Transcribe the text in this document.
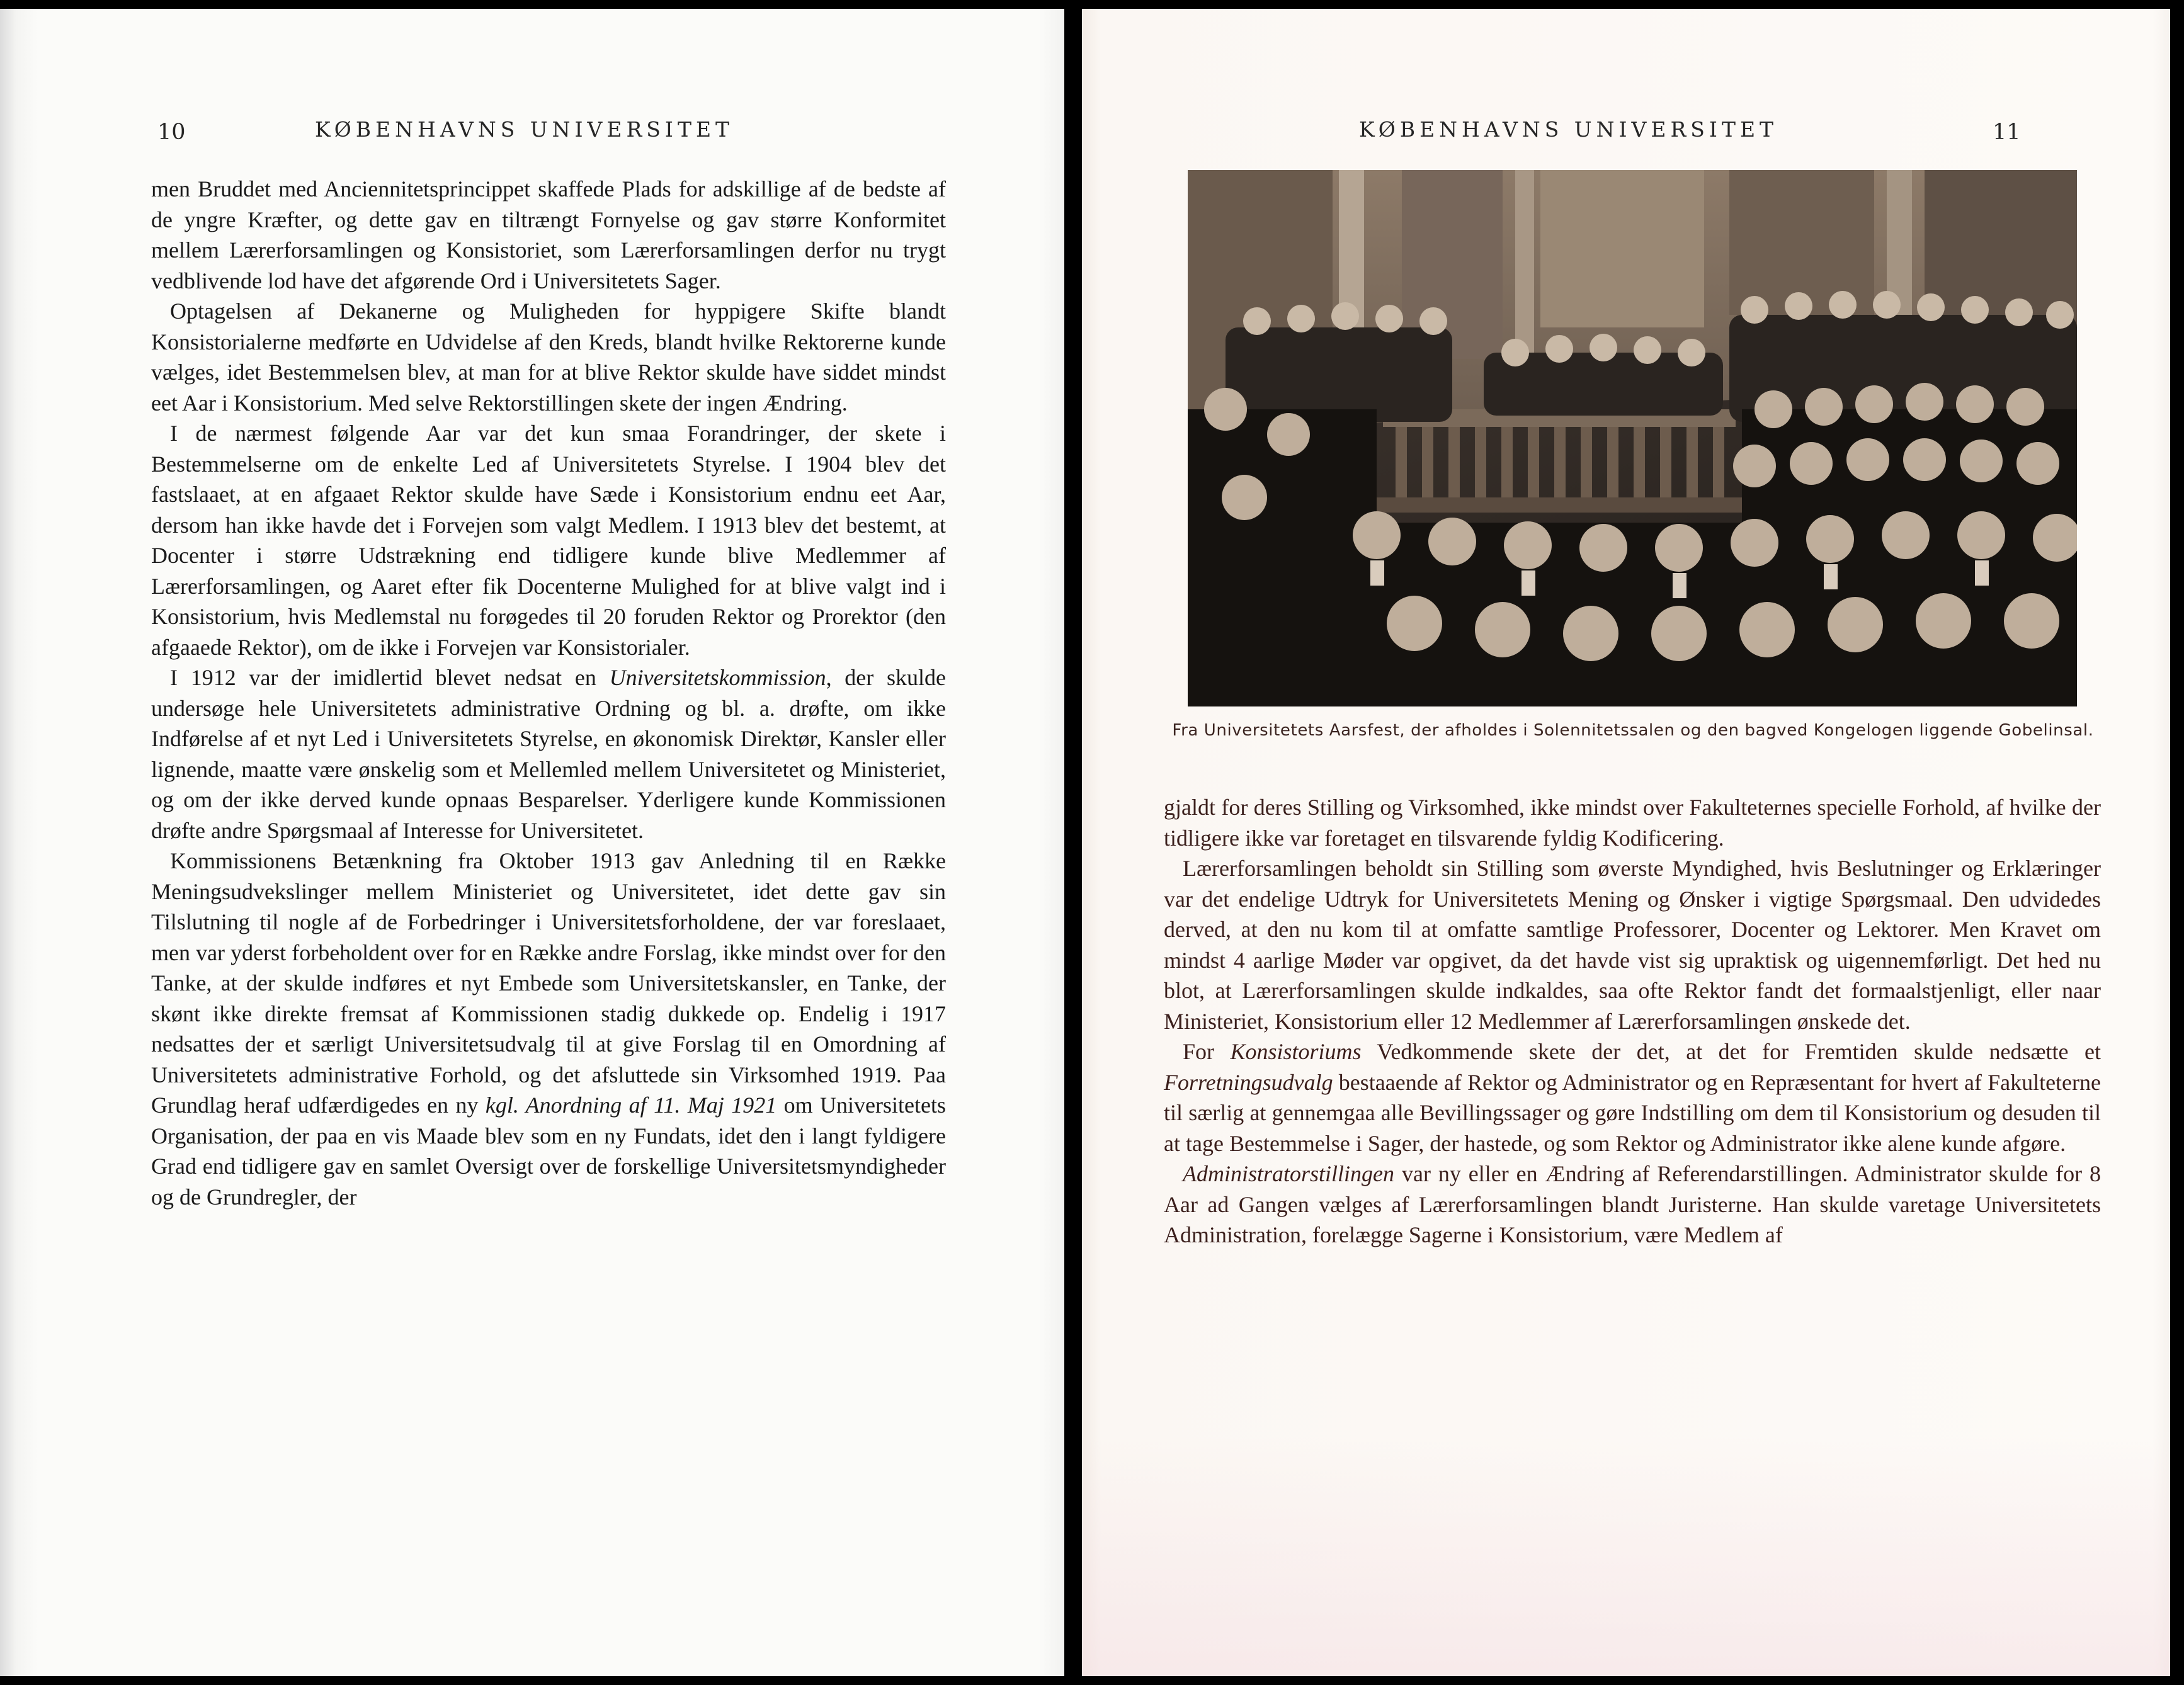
10	KØBENHAVNS UNIVERSITET

men Bruddet med Anciennitetsprincippet skaffede Plads for adskillige af de bedste af de yngre Kræfter, og dette gav en tiltrængt Fornyelse og gav større Konformitet mellem Lærerforsamlingen og Konsistoriet, som Lærerforsamlingen derfor nu trygt vedblivende lod have det afgørende Ord i Universitetets Sager.

Optagelsen af Dekanerne og Muligheden for hyppigere Skifte blandt Konsistorialerne medførte en Udvidelse af den Kreds, blandt hvilke Rektorerne kunde vælges, idet Bestemmelsen blev, at man for at blive Rektor skulde have siddet mindst eet Aar i Konsistorium. Med selve Rektorstillingen skete der ingen Ændring.

I de nærmest følgende Aar var det kun smaa Forandringer, der skete i Bestemmelserne om de enkelte Led af Universitetets Styrelse. I 1904 blev det fastslaaet, at en afgaaet Rektor skulde have Sæde i Konsistorium endnu eet Aar, dersom han ikke havde det i Forvejen som valgt Medlem. I 1913 blev det bestemt, at Docenter i større Udstrækning end tidligere kunde blive Medlemmer af Lærerforsamlingen, og Aaret efter fik Docenterne Mulighed for at blive valgt ind i Konsistorium, hvis Medlemstal nu forøgedes til 20 foruden Rektor og Prorektor (den afgaaede Rektor), om de ikke i Forvejen var Konsistorialer.

I 1912 var der imidlertid blevet nedsat en Universitetskommission, der skulde undersøge hele Universitetets administrative Ordning og bl. a. drøfte, om ikke Indførelse af et nyt Led i Universitetets Styrelse, en økonomisk Direktør, Kansler eller lignende, maatte være ønskelig som et Mellemled mellem Universitetet og Ministeriet, og om der ikke derved kunde opnaas Besparelser. Yderligere kunde Kommissionen drøfte andre Spørgsmaal af Interesse for Universitetet.

Kommissionens Betænkning fra Oktober 1913 gav Anledning til en Række Meningsudvekslinger mellem Ministeriet og Universitetet, idet dette gav sin Tilslutning til nogle af de Forbedringer i Universitetsforholdene, der var foreslaaet, men var yderst forbeholdent over for en Række andre Forslag, ikke mindst over for den Tanke, at der skulde indføres et nyt Embede som Universitetskansler, en Tanke, der skønt ikke direkte fremsat af Kommissionen stadig dukkede op. Endelig i 1917 nedsattes der et særligt Universitetsudvalg til at give Forslag til en Omordning af Universitetets administrative Forhold, og det afsluttede sin Virksomhed 1919. Paa Grundlag heraf udfærdigedes en ny kgl. Anordning af 11. Maj 1921 om Universitetets Organisation, der paa en vis Maade blev som en ny Fundats, idet den i langt fyldigere Grad end tidligere gav en samlet Oversigt over de forskellige Universitetsmyndigheder og de Grundregler, der

KØBENHAVNS UNIVERSITET	11
Fra Universitetets Aarsfest, der afholdes i Solennitetssalen og den bagved Kongelogen liggende Gobelinsal.

gjaldt for deres Stilling og Virksomhed, ikke mindst over Fakulteternes specielle Forhold, af hvilke der tidligere ikke var foretaget en tilsvarende fyldig Kodificering.

Lærerforsamlingen beholdt sin Stilling som øverste Myndighed, hvis Beslutninger og Erklæringer var det endelige Udtryk for Universitetets Mening og Ønsker i vigtige Spørgsmaal. Den udvidedes derved, at den nu kom til at omfatte samtlige Professorer, Docenter og Lektorer. Men Kravet om mindst 4 aarlige Møder var opgivet, da det havde vist sig upraktisk og uigennemførligt. Det hed nu blot, at Lærerforsamlingen skulde indkaldes, saa ofte Rektor fandt det formaalstjenligt, eller naar Ministeriet, Konsistorium eller 12 Medlemmer af Lærerforsamlingen ønskede det.

For Konsistoriums Vedkommende skete der det, at det for Fremtiden skulde nedsætte et Forretningsudvalg bestaaende af Rektor og Administrator og en Repræsentant for hvert af Fakulteterne til særlig at gennemgaa alle Bevillingssager og gøre Indstilling om dem til Konsistorium og desuden til at tage Bestemmelse i Sager, der hastede, og som Rektor og Administrator ikke alene kunde afgøre.

Administratorstillingen var ny eller en Ændring af Referendarstillingen. Administrator skulde for 8 Aar ad Gangen vælges af Lærerforsamlingen blandt Juristerne. Han skulde varetage Universitetets Administration, forelægge Sagerne i Konsistorium, være Medlem af
